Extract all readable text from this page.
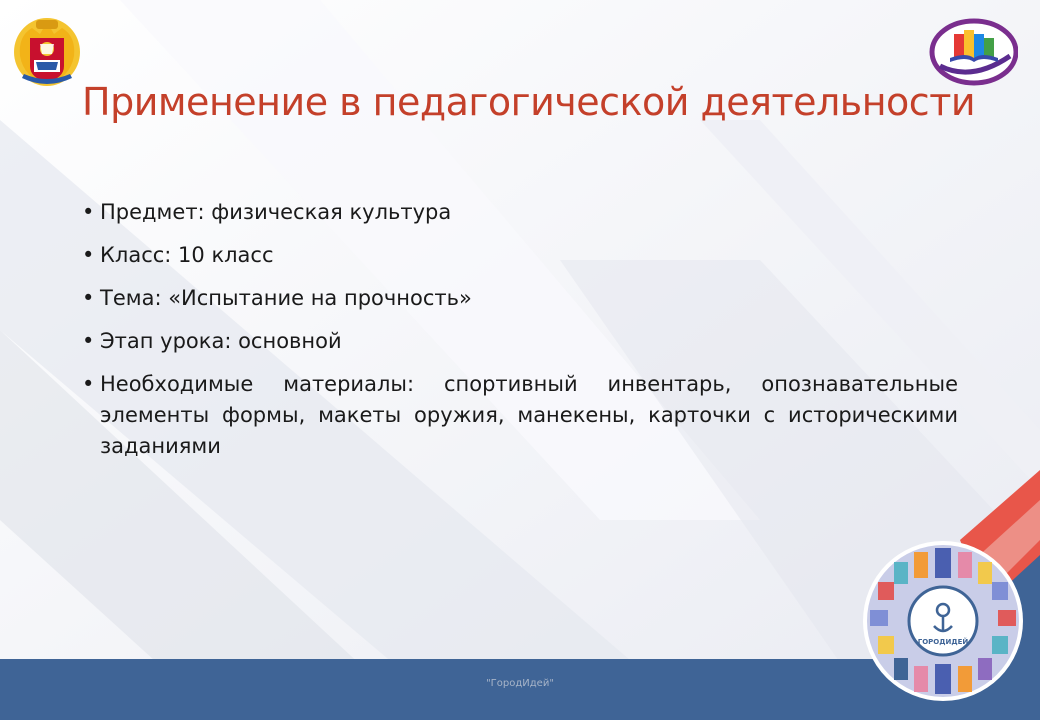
Применение в педагогической деятельности
• Предмет: физическая культура
• Класс: 10 класс
• Тема: «Испытание на прочность»
• Этап урока: основной
• Необходимые материалы: спортивный инвентарь, опознавательные элементы формы, макеты оружия, манекены, карточки с историческими заданиями
"ГородИдей"
ГОРОДИДЕЙ
